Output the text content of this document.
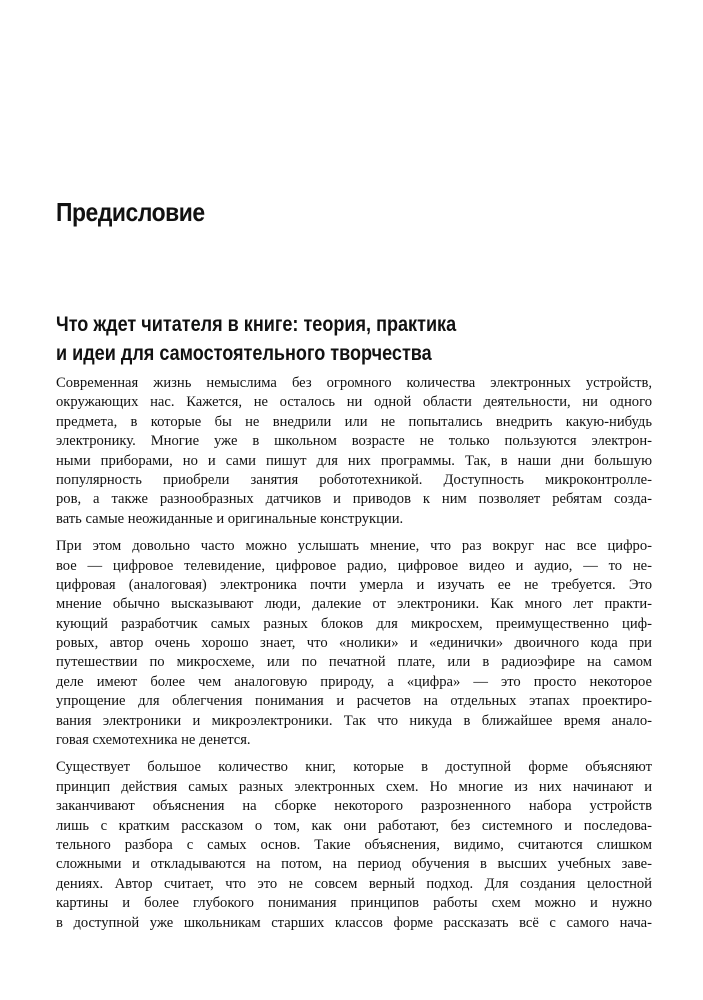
Предисловие
Что ждет читателя в книге: теория, практика
и идеи для самостоятельного творчества
Современная жизнь немыслима без огромного количества электронных устройств,
окружающих нас. Кажется, не осталось ни одной области деятельности, ни одного
предмета, в которые бы не внедрили или не попытались внедрить какую-нибудь
электронику. Многие уже в школьном возрасте не только пользуются электрон-
ными приборами, но и сами пишут для них программы. Так, в наши дни большую
популярность приобрели занятия робототехникой. Доступность микроконтролле-
ров, а также разнообразных датчиков и приводов к ним позволяет ребятам созда-
вать самые неожиданные и оригинальные конструкции.
При этом довольно часто можно услышать мнение, что раз вокруг нас все цифро-
вое — цифровое телевидение, цифровое радио, цифровое видео и аудио, — то не-
цифровая (аналоговая) электроника почти умерла и изучать ее не требуется. Это
мнение обычно высказывают люди, далекие от электроники. Как много лет практи-
кующий разработчик самых разных блоков для микросхем, преимущественно циф-
ровых, автор очень хорошо знает, что «нолики» и «единички» двоичного кода при
путешествии по микросхеме, или по печатной плате, или в радиоэфире на самом
деле имеют более чем аналоговую природу, а «цифра» — это просто некоторое
упрощение для облегчения понимания и расчетов на отдельных этапах проектиро-
вания электроники и микроэлектроники. Так что никуда в ближайшее время анало-
говая схемотехника не денется.
Существует большое количество книг, которые в доступной форме объясняют
принцип действия самых разных электронных схем. Но многие из них начинают и
заканчивают объяснения на сборке некоторого разрозненного набора устройств
лишь с кратким рассказом о том, как они работают, без системного и последова-
тельного разбора с самых основ. Такие объяснения, видимо, считаются слишком
сложными и откладываются на потом, на период обучения в высших учебных заве-
дениях. Автор считает, что это не совсем верный подход. Для создания целостной
картины и более глубокого понимания принципов работы схем можно и нужно
в доступной уже школьникам старших классов форме рассказать всё с самого нача-
